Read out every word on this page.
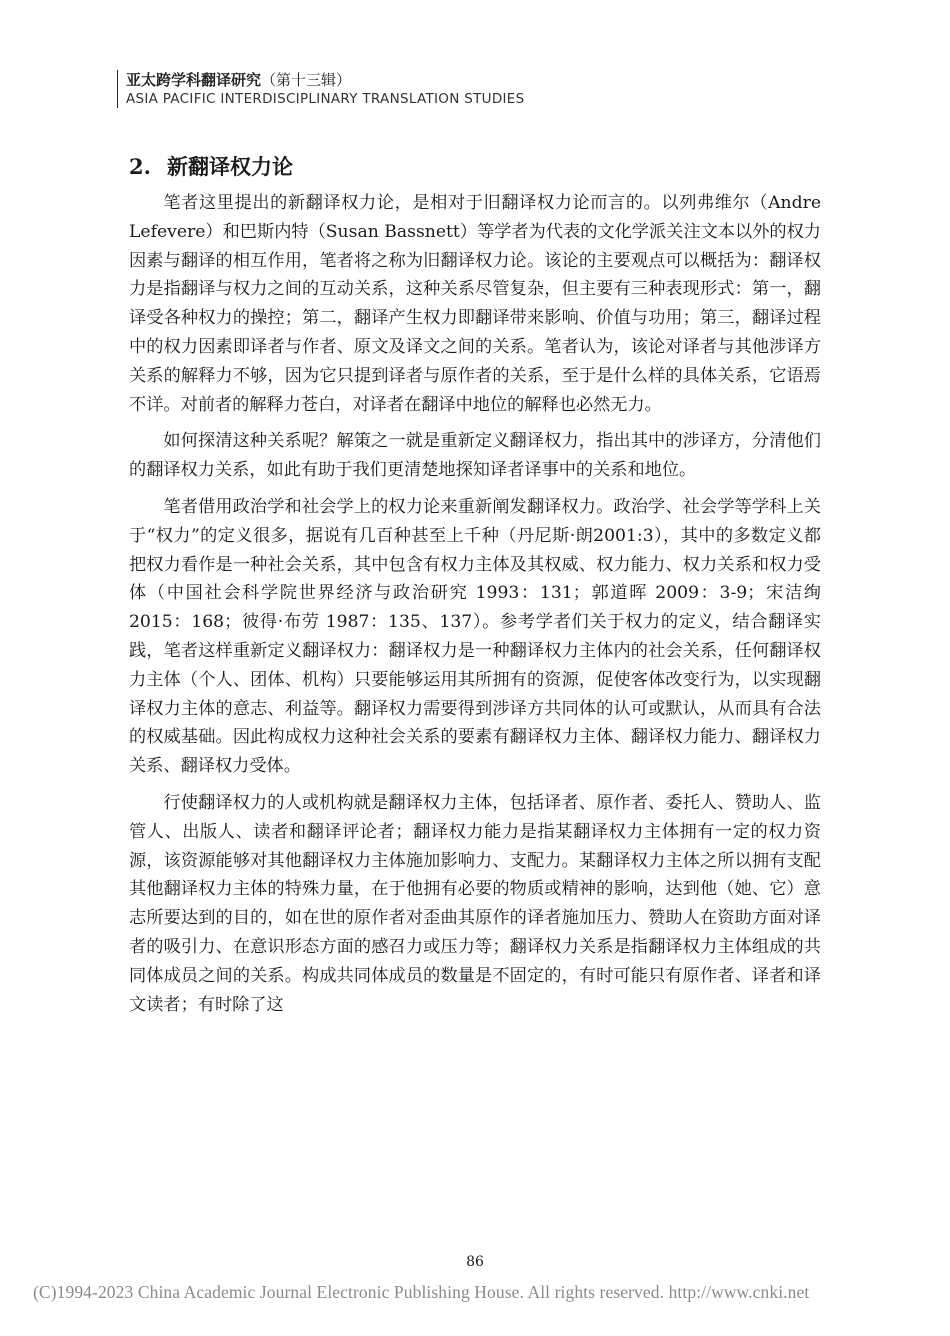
亚太跨学科翻译研究（第十三辑）
ASIA PACIFIC INTERDISCIPLINARY TRANSLATION STUDIES
2. 新翻译权力论

笔者这里提出的新翻译权力论，是相对于旧翻译权力论而言的。以列弗维尔（Andre Lefevere）和巴斯内特（Susan Bassnett）等学者为代表的文化学派关注文本以外的权力因素与翻译的相互作用，笔者将之称为旧翻译权力论。该论的主要观点可以概括为：翻译权力是指翻译与权力之间的互动关系，这种关系尽管复杂，但主要有三种表现形式：第一，翻译受各种权力的操控；第二，翻译产生权力即翻译带来影响、价值与功用；第三，翻译过程中的权力因素即译者与作者、原文及译文之间的关系。笔者认为，该论对译者与其他涉译方关系的解释力不够，因为它只提到译者与原作者的关系，至于是什么样的具体关系，它语焉不详。对前者的解释力苍白，对译者在翻译中地位的解释也必然无力。

如何探清这种关系呢？解策之一就是重新定义翻译权力，指出其中的涉译方，分清他们的翻译权力关系，如此有助于我们更清楚地探知译者译事中的关系和地位。

笔者借用政治学和社会学上的权力论来重新阐发翻译权力。政治学、社会学等学科上关于“权力”的定义很多，据说有几百种甚至上千种（丹尼斯·朗2001:3），其中的多数定义都把权力看作是一种社会关系，其中包含有权力主体及其权威、权力能力、权力关系和权力受体（中国社会科学院世界经济与政治研究 1993：131；郭道晖 2009：3-9；宋洁绚 2015：168；彼得·布劳 1987：135、137）。参考学者们关于权力的定义，结合翻译实践，笔者这样重新定义翻译权力：翻译权力是一种翻译权力主体内的社会关系，任何翻译权力主体（个人、团体、机构）只要能够运用其所拥有的资源，促使客体改变行为，以实现翻译权力主体的意志、利益等。翻译权力需要得到涉译方共同体的认可或默认，从而具有合法的权威基础。因此构成权力这种社会关系的要素有翻译权力主体、翻译权力能力、翻译权力关系、翻译权力受体。

行使翻译权力的人或机构就是翻译权力主体，包括译者、原作者、委托人、赞助人、监管人、出版人、读者和翻译评论者；翻译权力能力是指某翻译权力主体拥有一定的权力资源，该资源能够对其他翻译权力主体施加影响力、支配力。某翻译权力主体之所以拥有支配其他翻译权力主体的特殊力量，在于他拥有必要的物质或精神的影响，达到他（她、它）意志所要达到的目的，如在世的原作者对歪曲其原作的译者施加压力、赞助人在资助方面对译者的吸引力、在意识形态方面的感召力或压力等；翻译权力关系是指翻译权力主体组成的共同体成员之间的关系。构成共同体成员的数量是不固定的，有时可能只有原作者、译者和译文读者；有时除了这

86
(C)1994-2023 China Academic Journal Electronic Publishing House. All rights reserved. http://www.cnki.net
